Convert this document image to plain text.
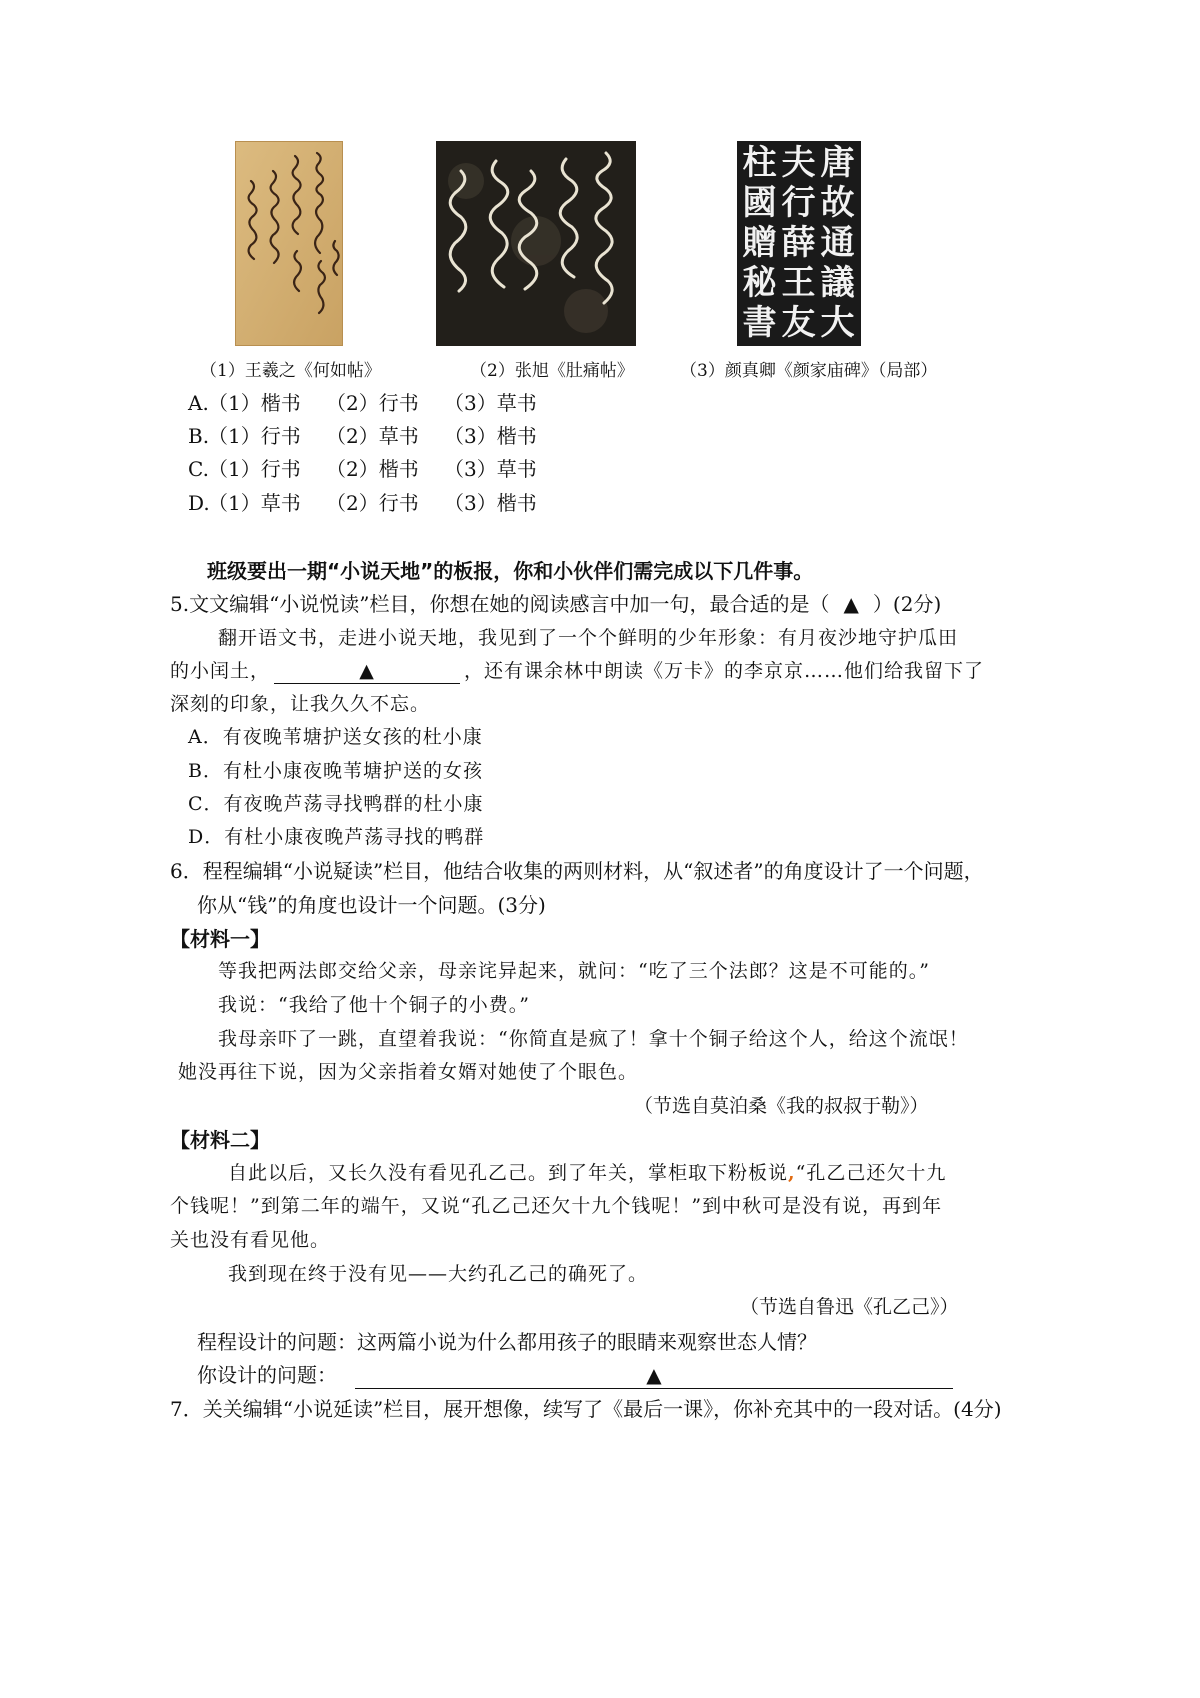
唐
故
通
議
大
夫
行
薛
王
友
柱
國
贈
秘
書
（1）王羲之《何如帖》	（2）张旭《肚痛帖》	（3）颜真卿《颜家庙碑》（局部）
A. （1）楷书 （2）行书 （3）草书
B.
（1）行书 （2）草书 （3）楷书
C. （1）行书 （2）楷书 （3）草书
D.
（1）草书 （2）行书 （3）楷书
班级要出一期“小说天地”的板报，你和小伙伴们需完成以下几件事。
5.文文编辑“小说悦读”栏目，你想在她的阅读感言中加一句，最合适的是（ ▲ ）(2分)
翻开语文书，走进小说天地，我见到了一个个鲜明的少年形象：有月夜沙地守护瓜田
的小闰土，	▲	，还有课余林中朗读《万卡》的李京京……他们给我留下了
深刻的印象，让我久久不忘。
A．有夜晚苇塘护送女孩的杜小康
B．有杜小康夜晚苇塘护送的女孩
C．有夜晚芦荡寻找鸭群的杜小康
D．有杜小康夜晚芦荡寻找的鸭群
6．程程编辑“小说疑读”栏目，他结合收集的两则材料，从“叙述者”的角度设计了一个问题，
你从“钱”的角度也设计一个问题。(3分)
【材料一】
等我把两法郎交给父亲，母亲诧异起来，就问：“吃了三个法郎？这是不可能的。”
我说：“我给了他十个铜子的小费。”
我母亲吓了一跳，直望着我说：“你简直是疯了！拿十个铜子给这个人，给这个流氓！
她没再往下说，因为父亲指着女婿对她使了个眼色。
（节选自莫泊桑《我的叔叔于勒》）
【材料二】
自此以后，又长久没有看见孔乙己。到了年关，掌柜取下粉板说,“孔乙己还欠十九
个钱呢！”到第二年的端午，又说“孔乙己还欠十九个钱呢！”到中秋可是没有说，再到年
关也没有看见他。
我到现在终于没有见——大约孔乙己的确死了。
（节选自鲁迅《孔乙己》）
程程设计的问题：这两篇小说为什么都用孩子的眼睛来观察世态人情？
你设计的问题：	▲
7．关关编辑“小说延读”栏目，展开想像，续写了《最后一课》，你补充其中的一段对话。(4分)
